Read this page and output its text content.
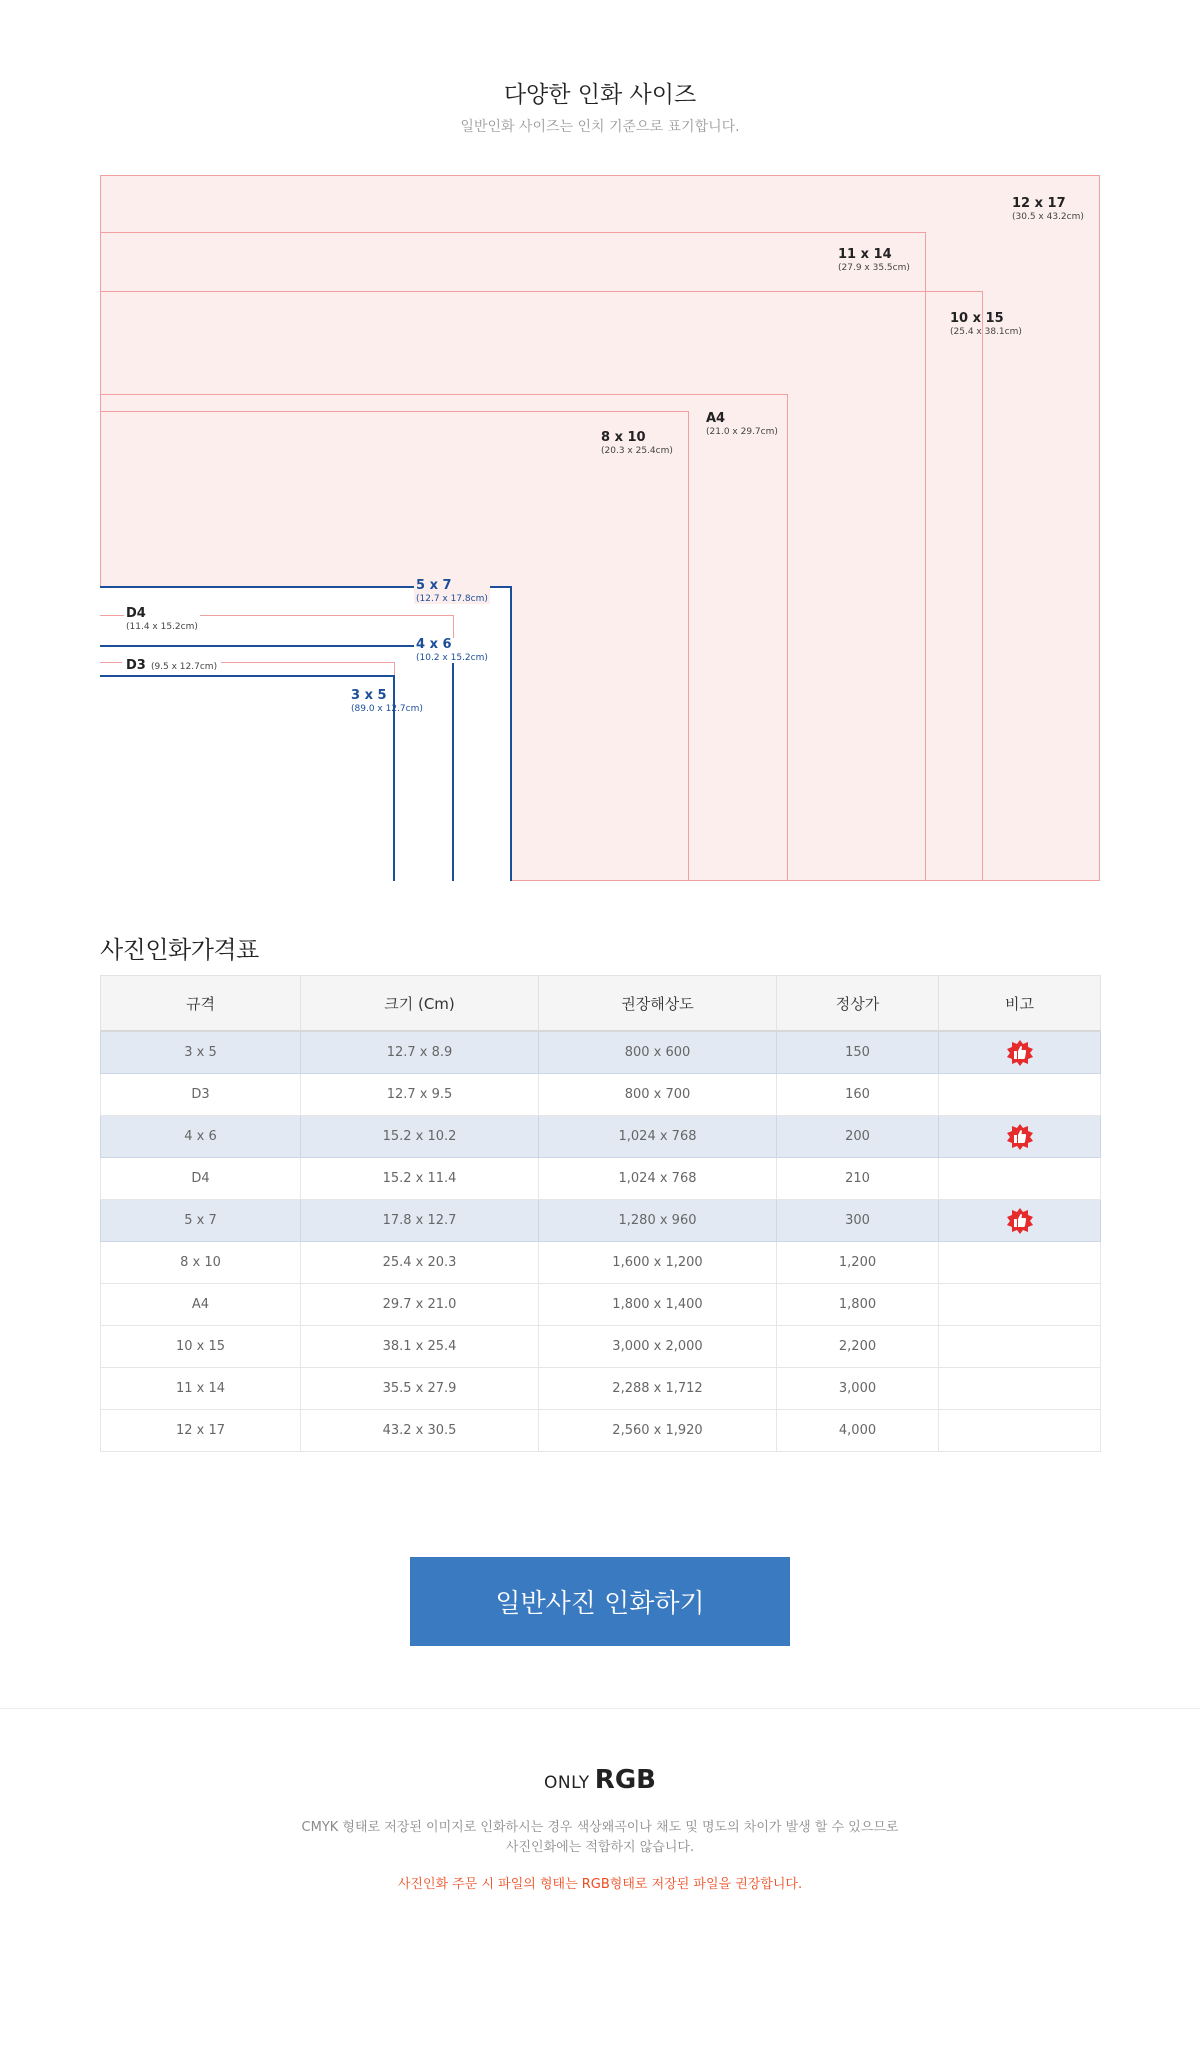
다양한 인화 사이즈
일반인화 사이즈는 인치 기준으로 표기합니다.
12 x 17
(30.5 x 43.2cm)
11 x 14
(27.9 x 35.5cm)
10 x 15
(25.4 x 38.1cm)
A4
(21.0 x 29.7cm)
8 x 10
(20.3 x 25.4cm)
5 x 7
(12.7 x 17.8cm)
D4
(11.4 x 15.2cm)
4 x 6
(10.2 x 15.2cm)
D3 (9.5 x 12.7cm)
3 x 5
(89.0 x 12.7cm)
사진인화가격표
규격	크기 (Cm)	권장해상도	정상가	비고
3 x 5	12.7 x 8.9	800 x 600	150	
D3	12.7 x 9.5	800 x 700	160	
4 x 6	15.2 x 10.2	1,024 x 768	200	
D4	15.2 x 11.4	1,024 x 768	210	
5 x 7	17.8 x 12.7	1,280 x 960	300	
8 x 10	25.4 x 20.3	1,600 x 1,200	1,200	
A4	29.7 x 21.0	1,800 x 1,400	1,800	
10 x 15	38.1 x 25.4	3,000 x 2,000	2,200	
11 x 14	35.5 x 27.9	2,288 x 1,712	3,000	
12 x 17	43.2 x 30.5	2,560 x 1,920	4,000	
일반사진 인화하기
ONLY RGB
CMYK 형태로 저장된 이미지로 인화하시는 경우 색상왜곡이나 채도 및 명도의 차이가 발생 할 수 있으므로
사진인화에는 적합하지 않습니다.
사진인화 주문 시 파일의 형태는 RGB형태로 저장된 파일을 권장합니다.
